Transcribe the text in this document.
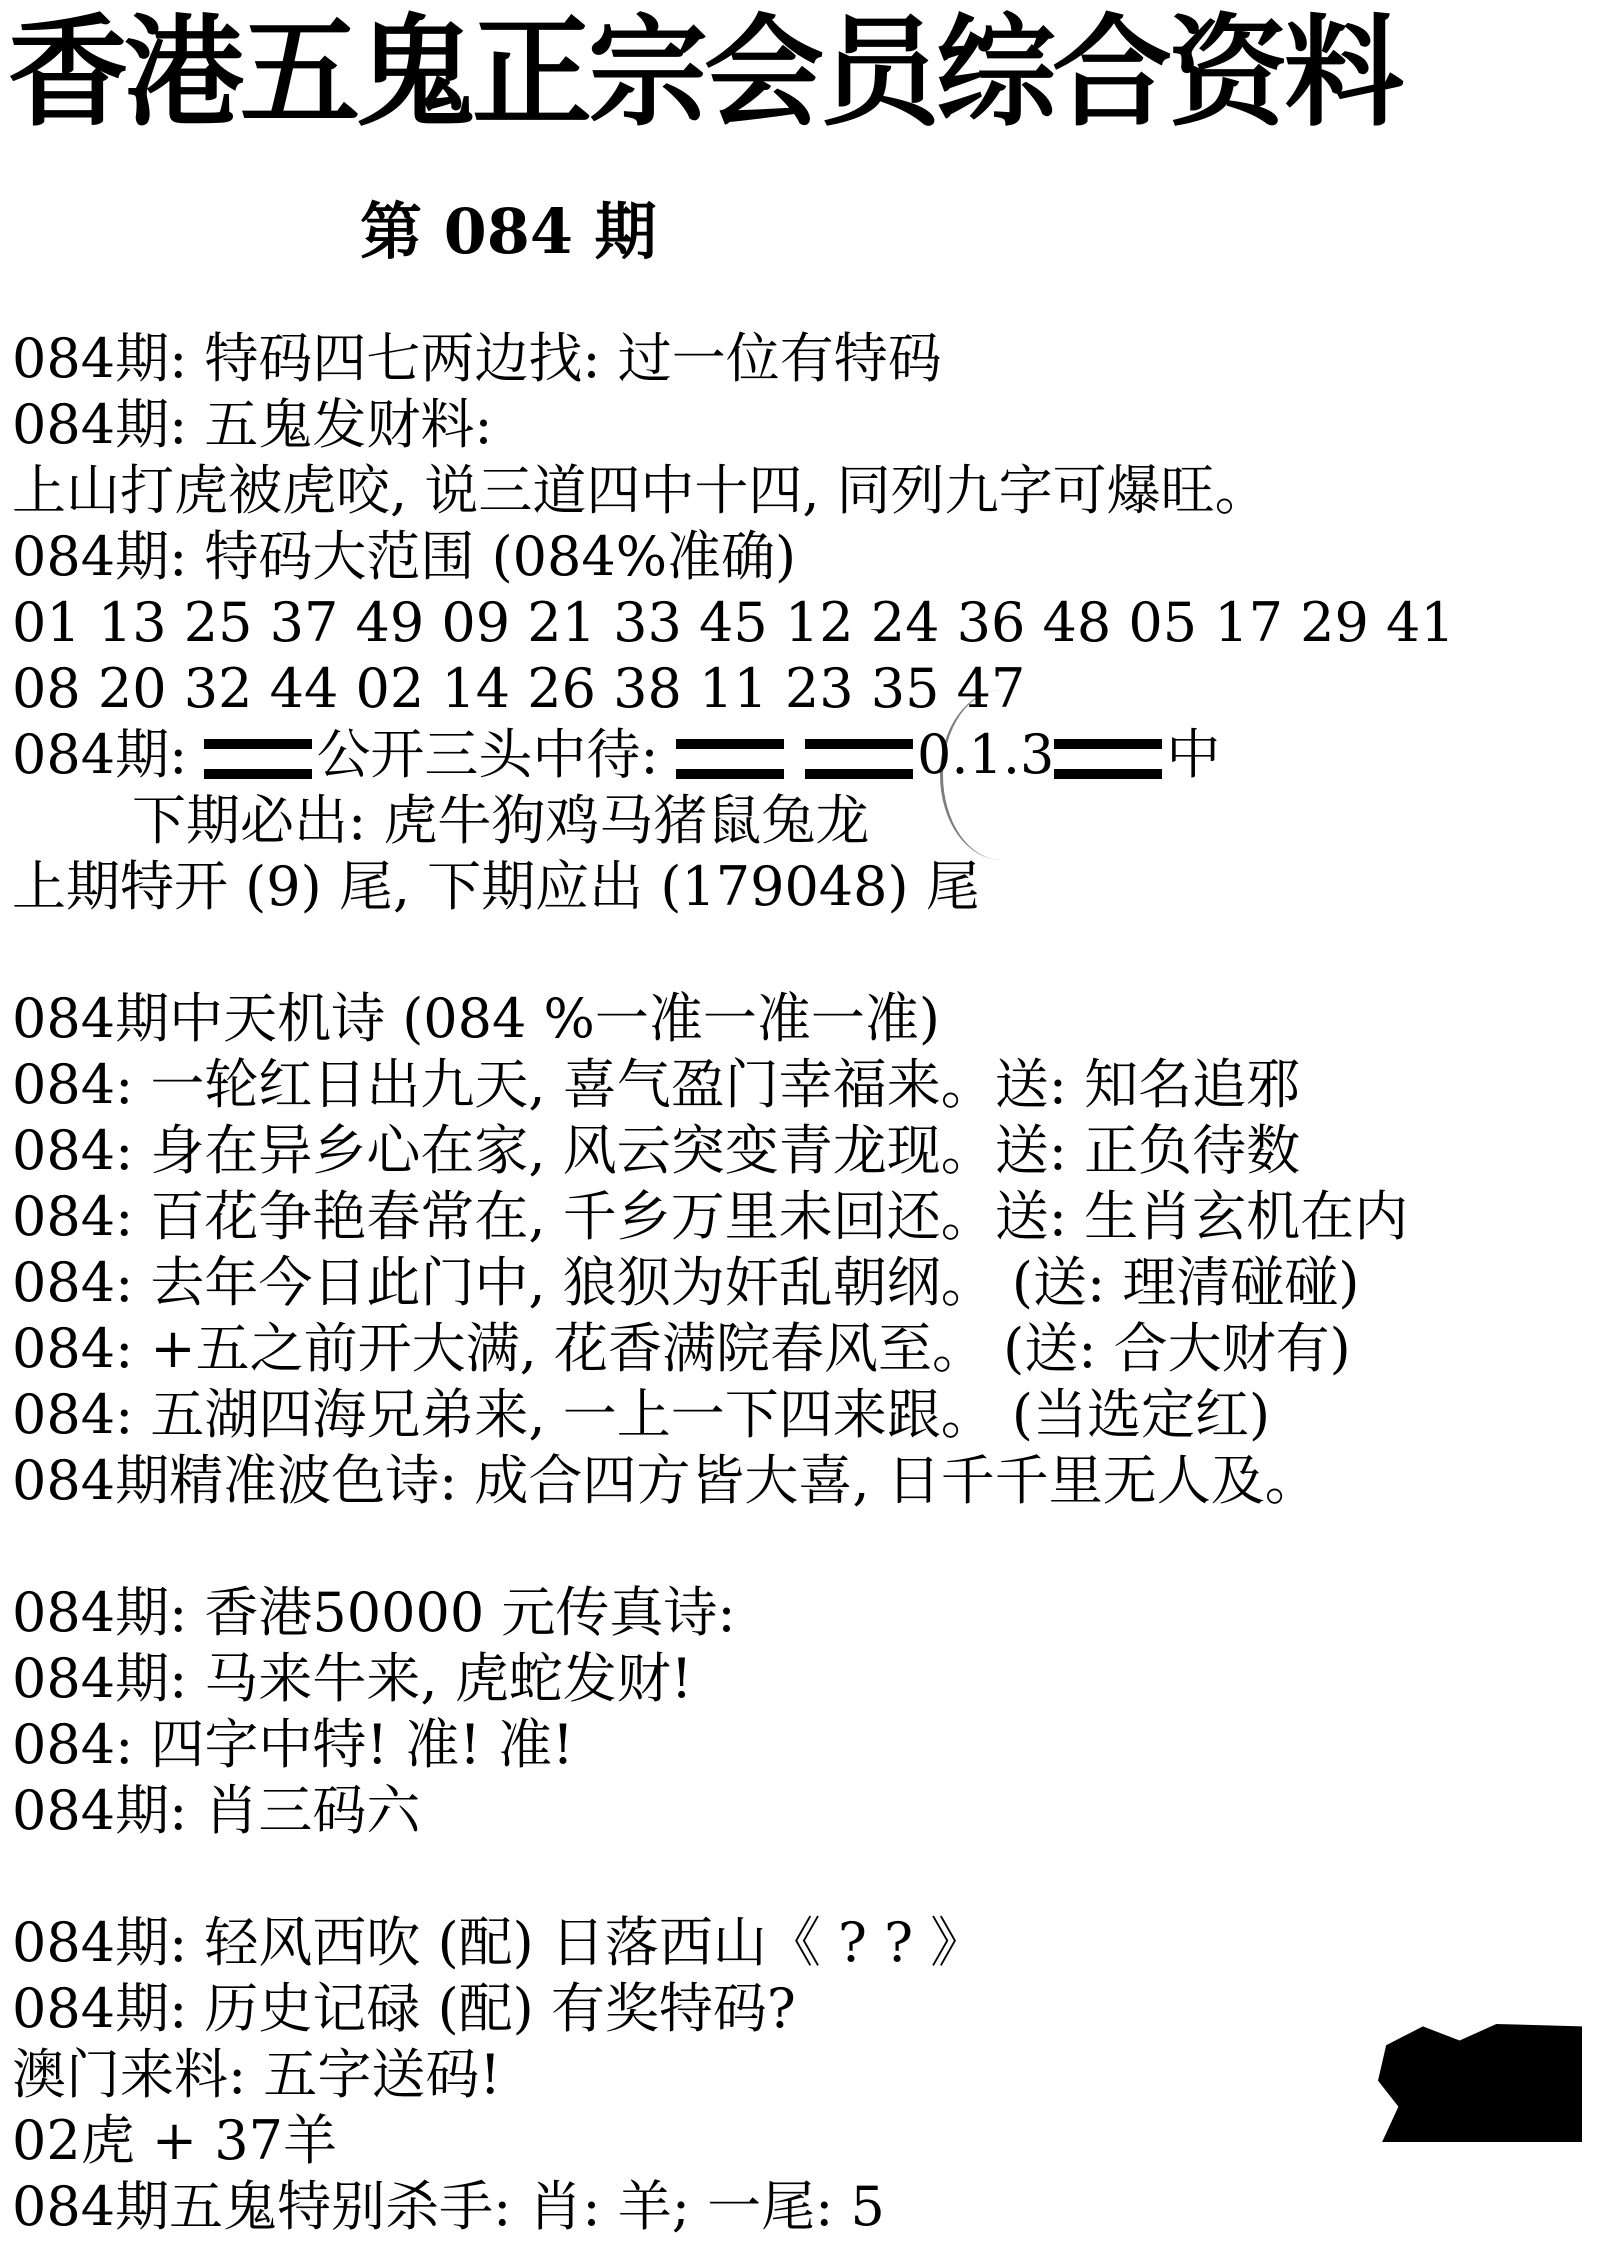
香港五鬼正宗会员综合资料
第 084 期
084期: 特码四七两边找: 过一位有特码
084期: 五鬼发财料:
上山打虎被虎咬, 说三道四中十四, 同列九字可爆旺。
084期: 特码大范围 (084%准确)
01 13 25 37 49 09 21 33 45 12 24 36 48 05 17 29 41
08 20 32 44 02 14 26 38 11 23 35 47
084期: 公开三头中待:	0.1.3 中
下期必出: 虎牛狗鸡马猪鼠兔龙
上期特开 (9) 尾, 下期应出 (179048) 尾
084期中天机诗 (084 %一准一准一准)
084: 一轮红日出九天, 喜气盈门幸福来。送: 知名追邪
084: 身在异乡心在家, 风云突变青龙现。送: 正负待数
084: 百花争艳春常在, 千乡万里未回还。送: 生肖玄机在内
084: 去年今日此门中, 狼狈为奸乱朝纲。 (送: 理清碰碰)
084: +五之前开大满, 花香满院春风至。 (送: 合大财有)
084: 五湖四海兄弟来, 一上一下四来跟。 (当选定红)
084期精准波色诗: 成合四方皆大喜, 日千千里无人及。
084期: 香港50000 元传真诗:
084期: 马来牛来, 虎蛇发财!
084: 四字中特! 准! 准!
084期: 肖三码六
084期: 轻风西吹 (配) 日落西山《 ? ? 》
084期: 历史记碌 (配) 有奖特码?
澳门来料: 五字送码!
02虎 + 37羊
084期五鬼特别杀手: 肖: 羊; 一尾: 5
